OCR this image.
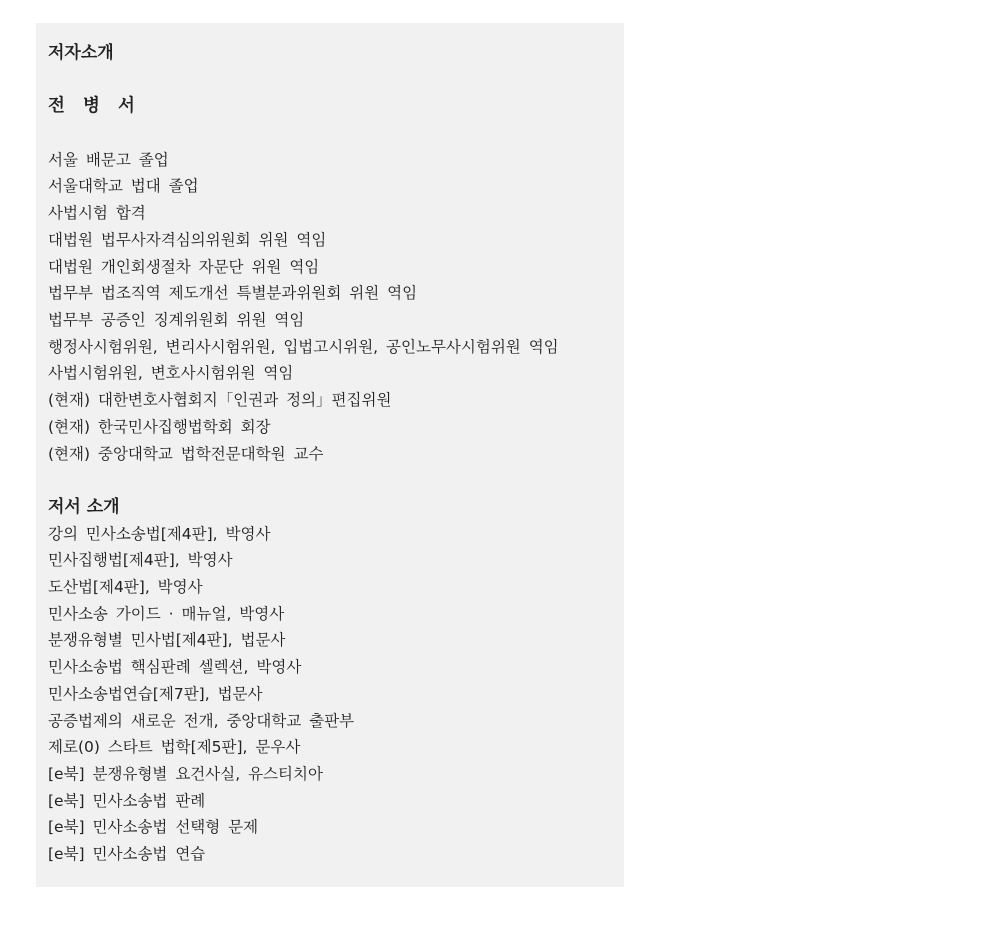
저자소개
전 병 서
서울 배문고 졸업
서울대학교 법대 졸업
사법시험 합격
대법원 법무사자격심의위원회 위원 역임
대법원 개인회생절차 자문단 위원 역임
법무부 법조직역 제도개선 특별분과위원회 위원 역임
법무부 공증인 징계위원회 위원 역임
행정사시험위원, 변리사시험위원, 입법고시위원, 공인노무사시험위원 역임
사법시험위원, 변호사시험위원 역임
(현재) 대한변호사협회지「인권과 정의」편집위원
(현재) 한국민사집행법학회 회장
(현재) 중앙대학교 법학전문대학원 교수
저서 소개
강의 민사소송법[제4판], 박영사
민사집행법[제4판], 박영사
도산법[제4판], 박영사
민사소송 가이드 · 매뉴얼, 박영사
분쟁유형별 민사법[제4판], 법문사
민사소송법 핵심판례 셀렉션, 박영사
민사소송법연습[제7판], 법문사
공증법제의 새로운 전개, 중앙대학교 출판부
제로(0) 스타트 법학[제5판], 문우사
[e북] 분쟁유형별 요건사실, 유스티치아
[e북] 민사소송법 판례
[e북] 민사소송법 선택형 문제
[e북] 민사소송법 연습
